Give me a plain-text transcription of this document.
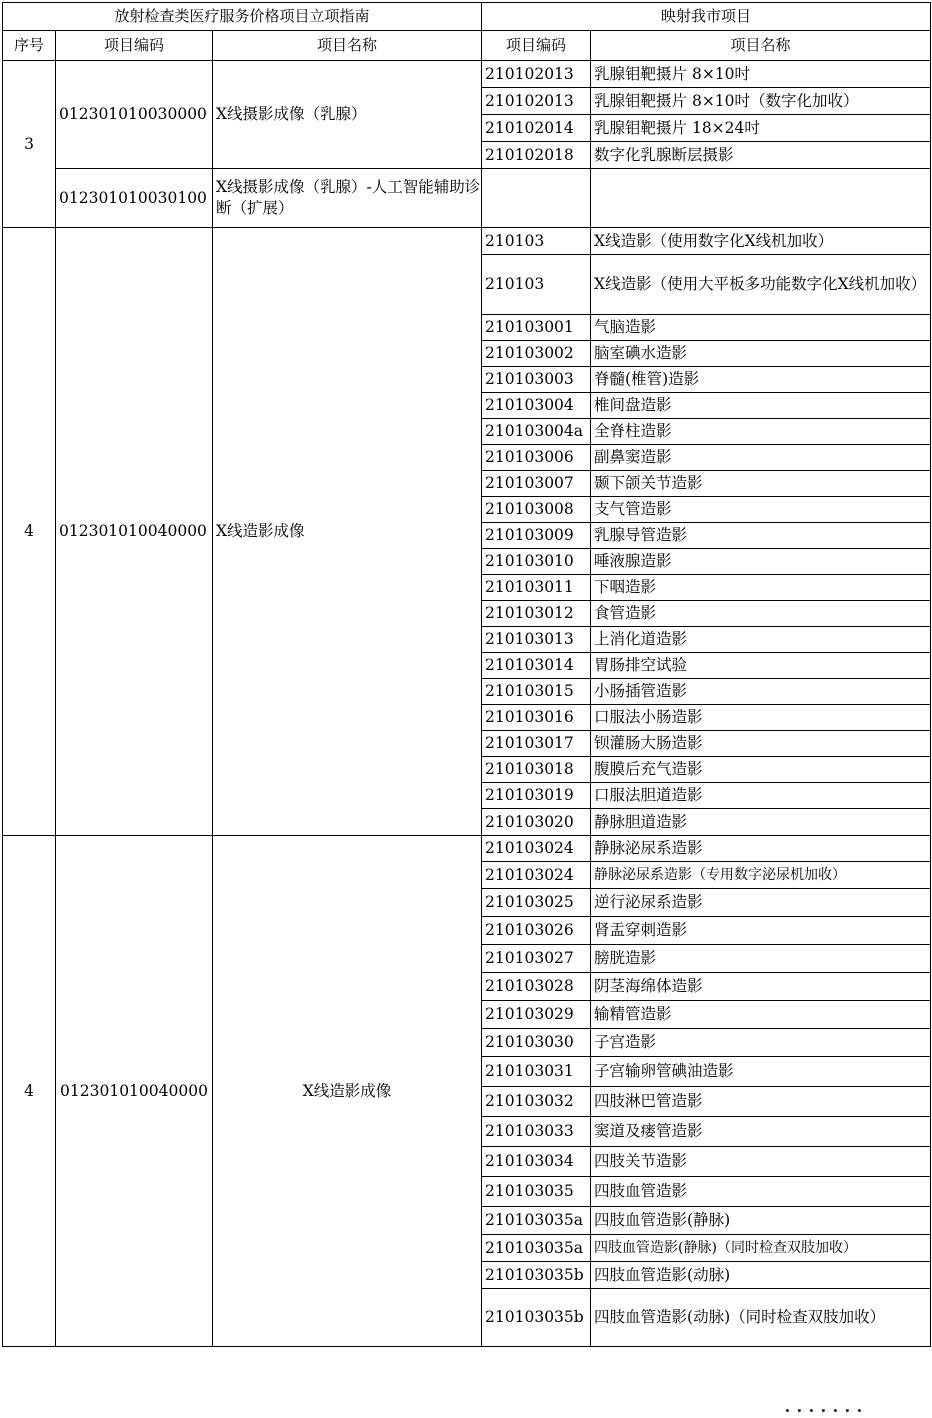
放射检查类医疗服务价格项目立项指南			映射我市项目	
序号	项目编码	项目名称	项目编码	项目名称
3	012301010030000	X线摄影成像（乳腺）	210102013	乳腺钼靶摄片 8×10吋
			210102013	乳腺钼靶摄片 8×10吋（数字化加收）
			210102014	乳腺钼靶摄片 18×24吋
			210102018	数字化乳腺断层摄影
	012301010030100	X线摄影成像（乳腺）-人工智能辅助诊断（扩展）		
4	012301010040000	X线造影成像	210103	X线造影（使用数字化X线机加收）
			210103	X线造影（使用大平板多功能数字化X线机加收）
			210103001	气脑造影
			210103002	脑室碘水造影
			210103003	脊髓(椎管)造影
			210103004	椎间盘造影
			210103004a	全脊柱造影
			210103006	副鼻窦造影
			210103007	颞下颌关节造影
			210103008	支气管造影
			210103009	乳腺导管造影
			210103010	唾液腺造影
			210103011	下咽造影
			210103012	食管造影
			210103013	上消化道造影
			210103014	胃肠排空试验
			210103015	小肠插管造影
			210103016	口服法小肠造影
			210103017	钡灌肠大肠造影
			210103018	腹膜后充气造影
			210103019	口服法胆道造影
			210103020	静脉胆道造影
4	012301010040000	X线造影成像	210103024	静脉泌尿系造影
			210103024	静脉泌尿系造影（专用数字泌尿机加收）
			210103025	逆行泌尿系造影
			210103026	肾盂穿刺造影
			210103027	膀胱造影
			210103028	阴茎海绵体造影
			210103029	输精管造影
			210103030	子宫造影
			210103031	子宫输卵管碘油造影
			210103032	四肢淋巴管造影
			210103033	窦道及瘘管造影
			210103034	四肢关节造影
			210103035	四肢血管造影
			210103035a	四肢血管造影(静脉)
			210103035a	四肢血管造影(静脉)（同时检查双肢加收）
			210103035b	四肢血管造影(动脉)
			210103035b	四肢血管造影(动脉)（同时检查双肢加收）
．．．．．．．
